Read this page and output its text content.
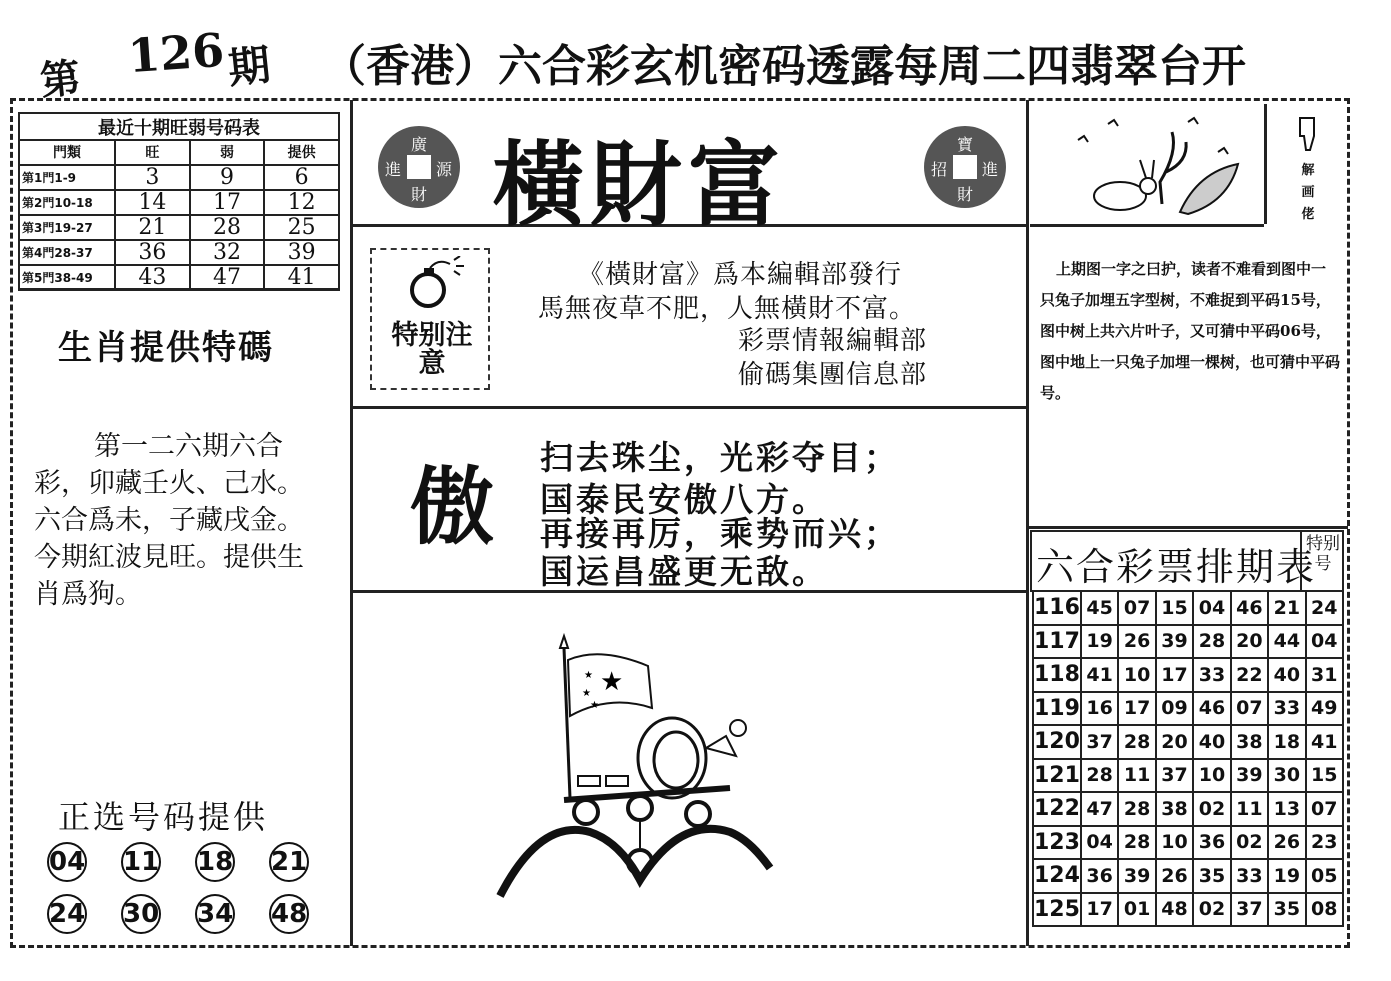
第 126 期 （香港）六合彩玄机密码透露每周二四翡翠台开
最近十期旺弱号码表
門類	旺	弱	提供
第1門1-9	3	9	6
第2門10-18	14	17	12
第3門19-27	21	28	25
第4門28-37	36	32	39
第5門38-49	43	47	41
生肖提供特碼
第一二六期六合彩，卯藏壬火、己水。六合爲未，子藏戌金。今期紅波見旺。提供生肖爲狗。
正选号码提供
04 11 18 21
24 30 34 48
廣
源
財
進 橫財富	寶
進
財
招
特别注意
《橫財富》爲本編輯部發行
馬無夜草不肥，人無橫財不富。
彩票情報編輯部
偷碼集團信息部
傲
扫去珠尘，光彩夺目；
国泰民安傲八方。
再接再厉，乘势而兴；
国运昌盛更无敌。
★
★
★
★
解画佬
上期图一字之曰护，读者不难看到图中一只兔子加埋五字型树，不难捉到平码15号，图中树上共六片叶子，又可猜中平码06号，图中地上一只兔子加埋一棵树，也可猜中平码号。
六合彩票排期表
特别号
116	45	07	15	04	46	21	24
117	19	26	39	28	20	44	04
118	41	10	17	33	22	40	31
119	16	17	09	46	07	33	49
120	37	28	20	40	38	18	41
121	28	11	37	10	39	30	15
122	47	28	38	02	11	13	07
123	04	28	10	36	02	26	23
124	36	39	26	35	33	19	05
125	17	01	48	02	37	35	08
